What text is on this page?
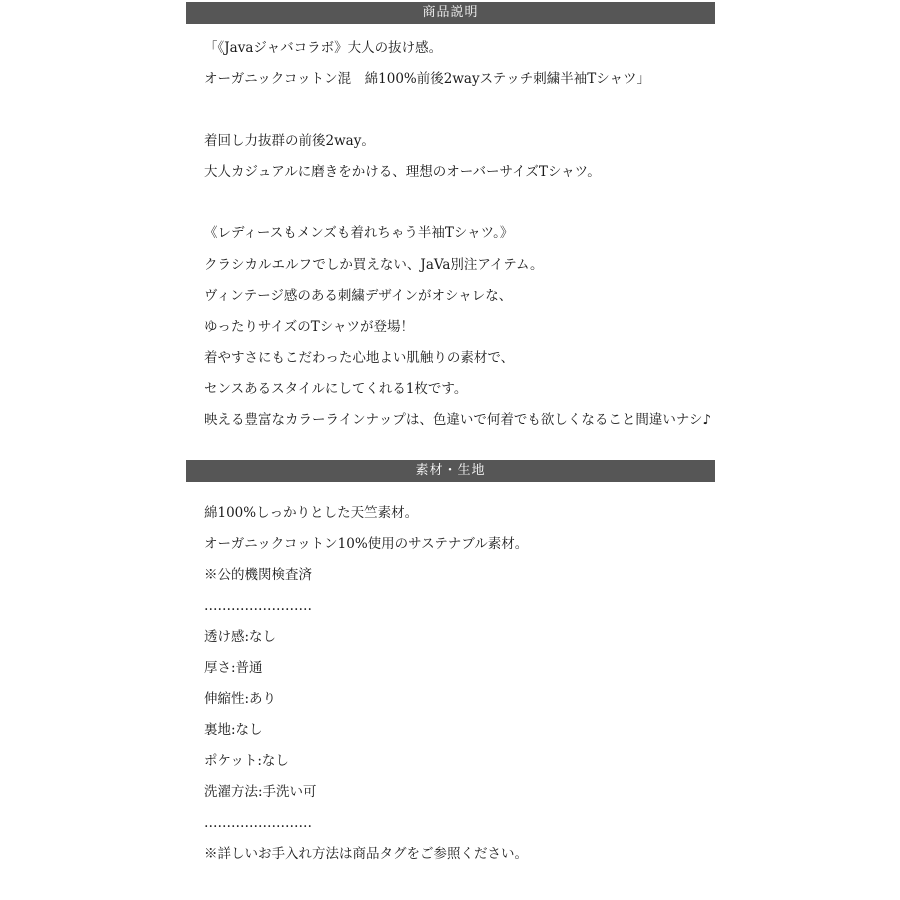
商品説明
「《Javaジャバコラボ》大人の抜け感。
オーガニックコットン混　綿100%前後2wayステッチ刺繍半袖Tシャツ」
着回し力抜群の前後2way。
大人カジュアルに磨きをかける、理想のオーバーサイズTシャツ。
《レディースもメンズも着れちゃう半袖Tシャツ。》
クラシカルエルフでしか買えない、JaVa別注アイテム。
ヴィンテージ感のある刺繍デザインがオシャレな、
ゆったりサイズのTシャツが登場！
着やすさにもこだわった心地よい肌触りの素材で、
センスあるスタイルにしてくれる1枚です。
映える豊富なカラーラインナップは、色違いで何着でも欲しくなること間違いナシ♪
素材・生地
綿100%しっかりとした天竺素材。
オーガニックコットン10%使用のサステナブル素材。
※公的機関検査済
……………………
透け感:なし
厚さ:普通
伸縮性:あり
裏地:なし
ポケット:なし
洗濯方法:手洗い可
……………………
※詳しいお手入れ方法は商品タグをご参照ください。
